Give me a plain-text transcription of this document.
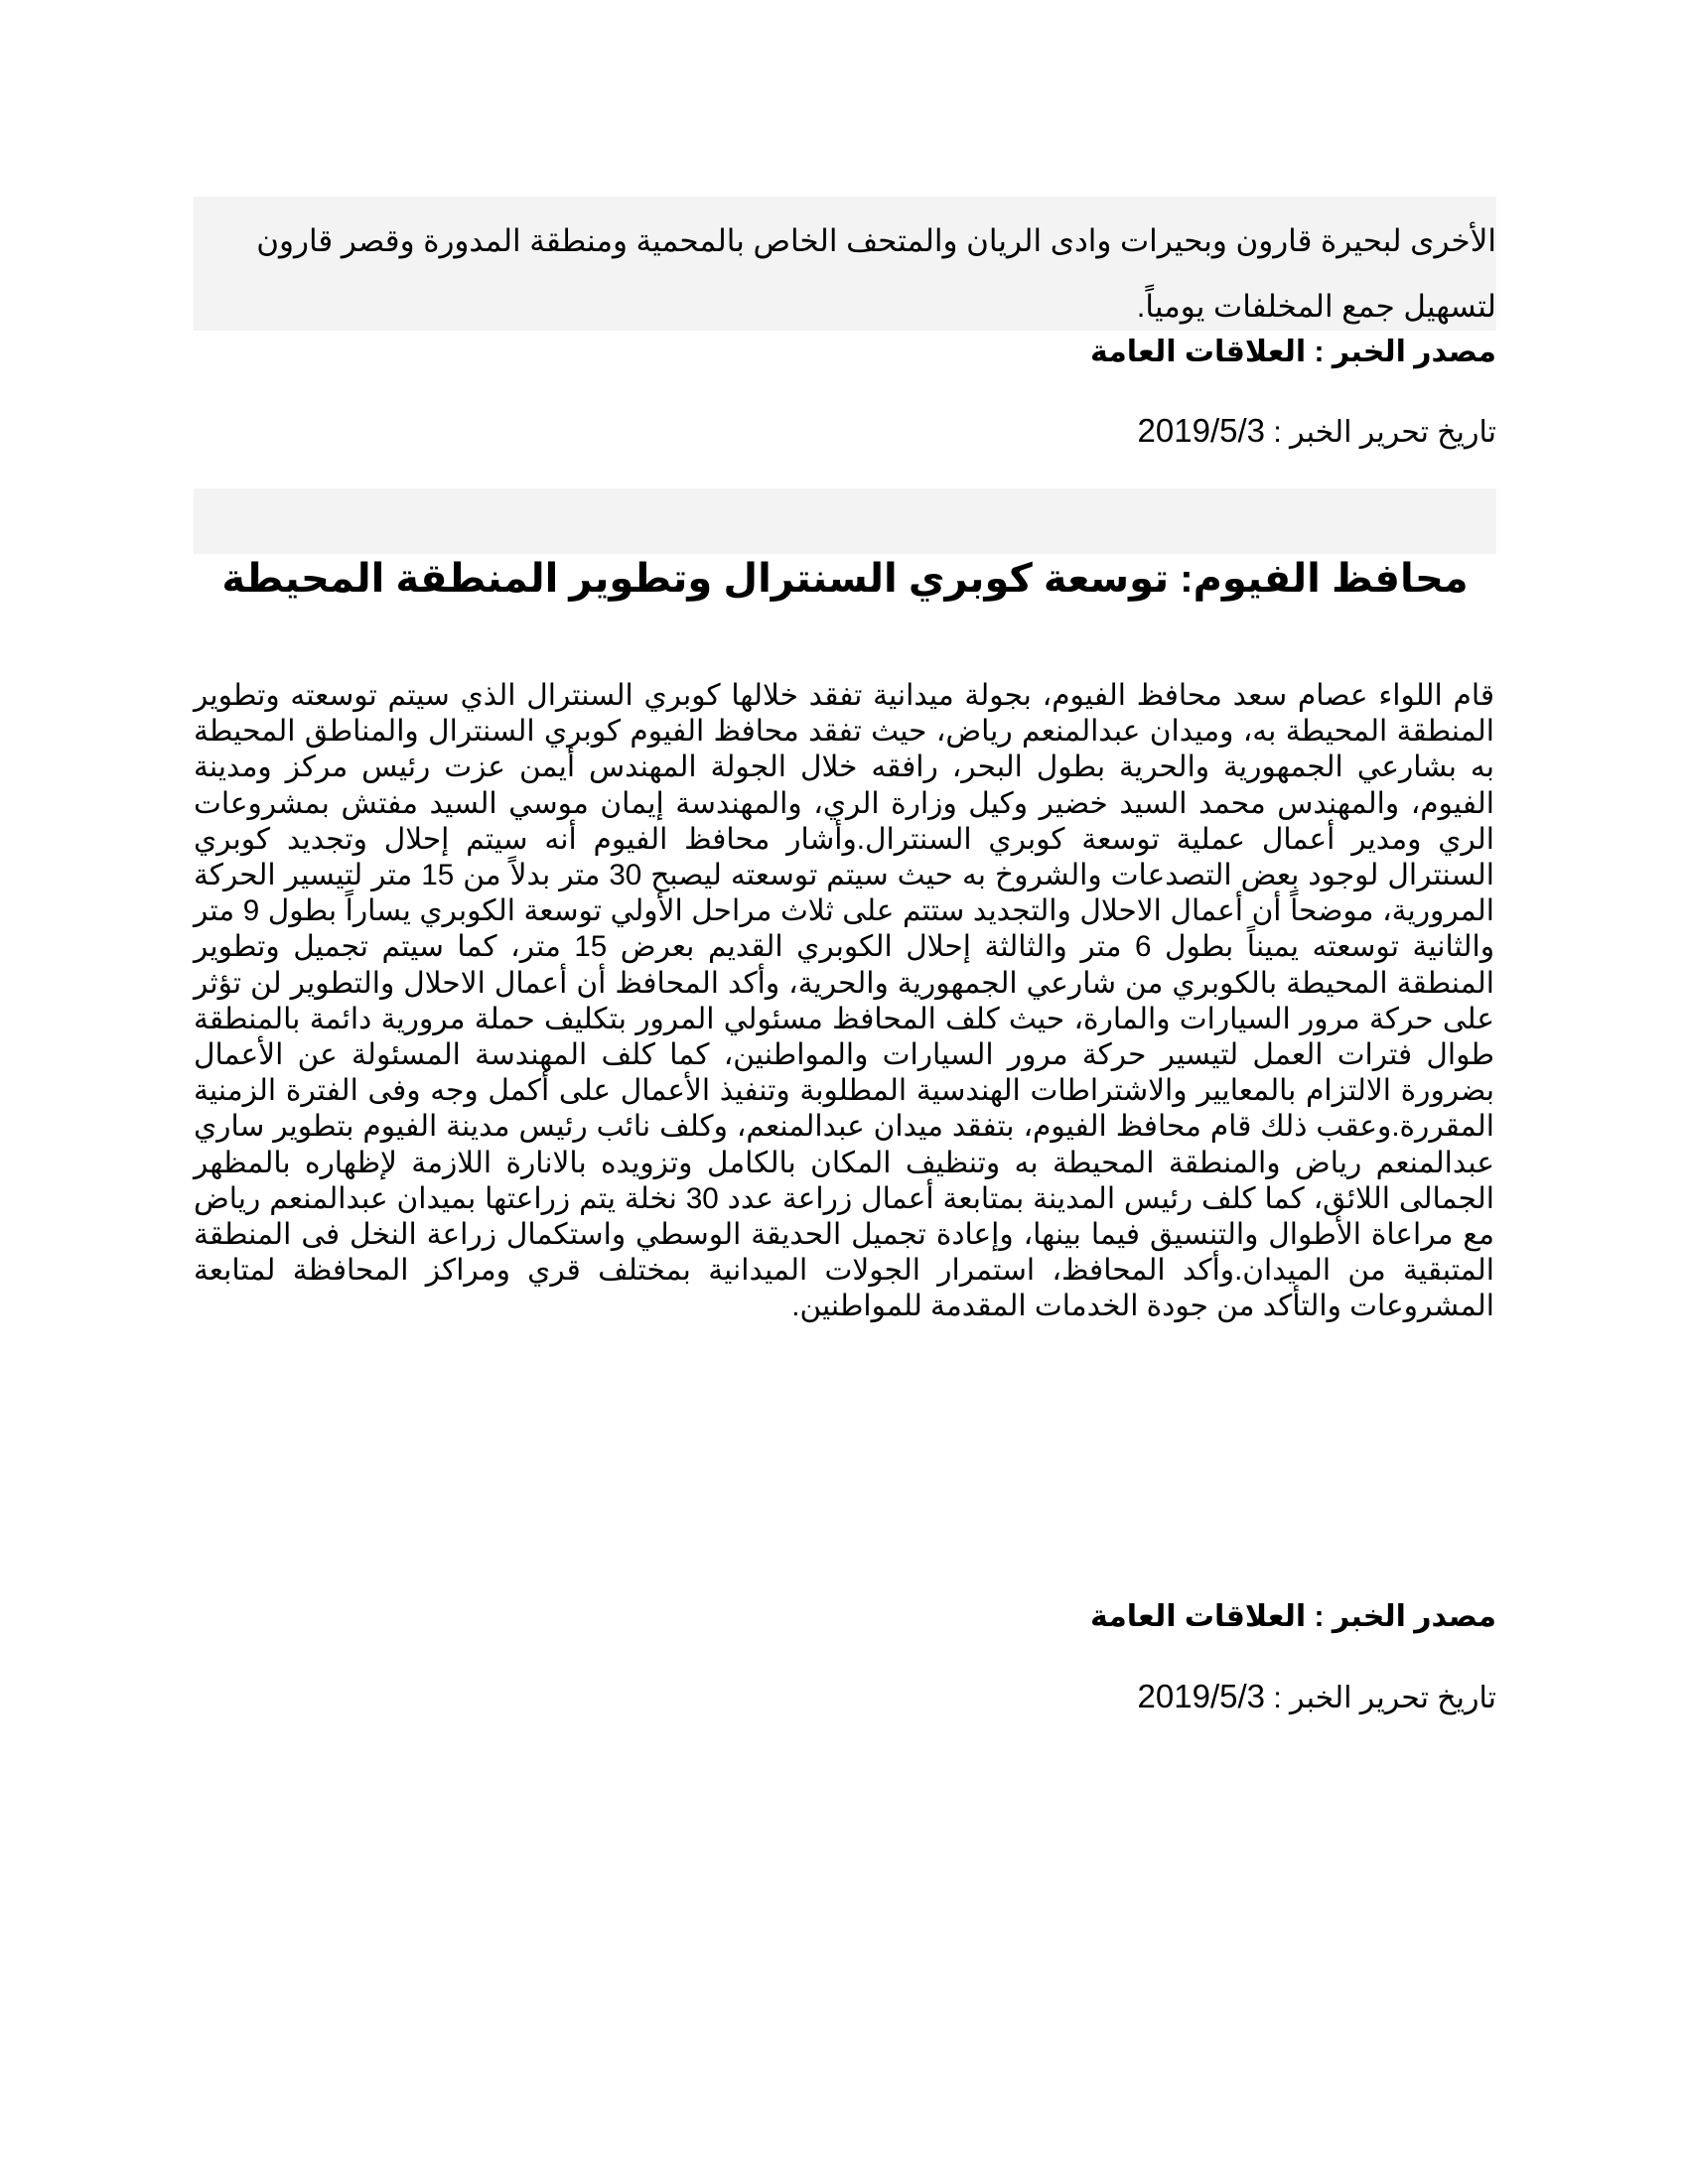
الأخرى لبحيرة قارون وبحيرات وادى الريان والمتحف الخاص بالمحمية ومنطقة المدورة وقصر قارون لتسهيل جمع المخلفات يومياً.
مصدر الخبر : العلاقات العامة
تاريخ تحرير الخبر : 2019/5/3
محافظ الفيوم: توسعة كوبري السنترال وتطوير المنطقة المحيطة
قام اللواء عصام سعد محافظ الفيوم، بجولة ميدانية تفقد خلالها كوبري السنترال الذي سيتم توسعته وتطوير المنطقة المحيطة به، وميدان عبدالمنعم رياض، حيث تفقد محافظ الفيوم كوبري السنترال والمناطق المحيطة به بشارعي الجمهورية والحرية بطول البحر، رافقه خلال الجولة المهندس أيمن عزت رئيس مركز ومدينة الفيوم، والمهندس محمد السيد خضير وكيل وزارة الري، والمهندسة إيمان موسي السيد مفتش بمشروعات الري ومدير أعمال عملية توسعة كوبري السنترال.وأشار محافظ الفيوم أنه سيتم إحلال وتجديد كوبري السنترال لوجود بعض التصدعات والشروخ به حيث سيتم توسعته ليصبح 30 متر بدلاً من 15 متر لتيسير الحركة المرورية، موضحاً أن أعمال الاحلال والتجديد ستتم على ثلاث مراحل الأولي توسعة الكوبري يساراً بطول 9 متر والثانية توسعته يميناً بطول 6 متر والثالثة إحلال الكوبري القديم بعرض 15 متر، كما سيتم تجميل وتطوير المنطقة المحيطة بالكوبري من شارعي الجمهورية والحرية، وأكد المحافظ أن أعمال الاحلال والتطوير لن تؤثر على حركة مرور السيارات والمارة، حيث كلف المحافظ مسئولي المرور بتكليف حملة مرورية دائمة بالمنطقة طوال فترات العمل لتيسير حركة مرور السيارات والمواطنين، كما كلف المهندسة المسئولة عن الأعمال بضرورة الالتزام بالمعايير والاشتراطات الهندسية المطلوبة وتنفيذ الأعمال على أكمل وجه وفى الفترة الزمنية المقررة.وعقب ذلك قام محافظ الفيوم، بتفقد ميدان عبدالمنعم، وكلف نائب رئيس مدينة الفيوم بتطوير ساري عبدالمنعم رياض والمنطقة المحيطة به وتنظيف المكان بالكامل وتزويده بالانارة اللازمة لإظهاره بالمظهر الجمالى اللائق، كما كلف رئيس المدينة بمتابعة أعمال زراعة عدد 30 نخلة يتم زراعتها بميدان عبدالمنعم رياض مع مراعاة الأطوال والتنسيق فيما بينها، وإعادة تجميل الحديقة الوسطي واستكمال زراعة النخل فى المنطقة المتبقية من الميدان.وأكد المحافظ، استمرار الجولات الميدانية بمختلف قري ومراكز المحافظة لمتابعة المشروعات والتأكد من جودة الخدمات المقدمة للمواطنين.
مصدر الخبر : العلاقات العامة
تاريخ تحرير الخبر : 2019/5/3
